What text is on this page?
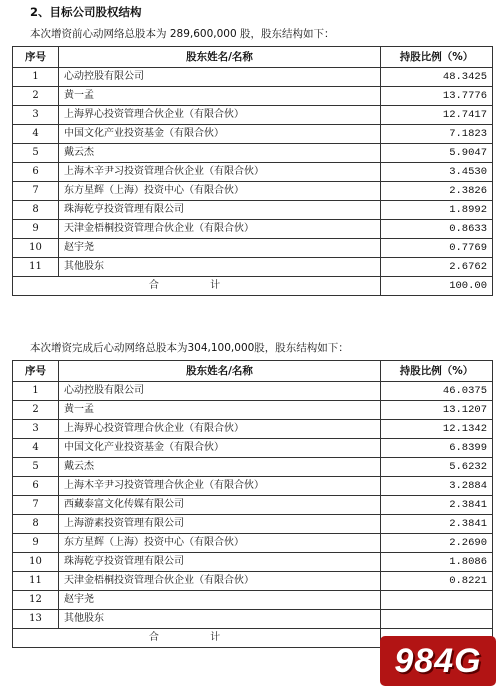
2、目标公司股权结构
本次增资前心动网络总股本为 289,600,000 股，股东结构如下：
序号	股东姓名/名称	持股比例（%）
1	心动控股有限公司	48.3425
2	黄一孟	13.7776
3	上海界心投资管理合伙企业（有限合伙）	12.7417
4	中国文化产业投资基金（有限合伙）	7.1823
5	戴云杰	5.9047
6	上海木辛尹习投资管理合伙企业（有限合伙）	3.4530
7	东方星辉（上海）投资中心（有限合伙）	2.3826
8	珠海乾亨投资管理有限公司	1.8992
9	天津金梧桐投资管理合伙企业（有限合伙）	0.8633
10	赵宇尧	0.7769
11	其他股东	2.6762
合 计		100.00
本次增资完成后心动网络总股本为304,100,000股，股东结构如下：
序号	股东姓名/名称	持股比例（%）
1	心动控股有限公司	46.0375
2	黄一孟	13.1207
3	上海界心投资管理合伙企业（有限合伙）	12.1342
4	中国文化产业投资基金（有限合伙）	6.8399
5	戴云杰	5.6232
6	上海木辛尹习投资管理合伙企业（有限合伙）	3.2884
7	西藏泰富文化传媒有限公司	2.3841
8	上海游素投资管理有限公司	2.3841
9	东方星辉（上海）投资中心（有限合伙）	2.2690
10	珠海乾亨投资管理有限公司	1.8086
11	天津金梧桐投资管理合伙企业（有限合伙）	0.8221
12	赵宇尧	
13	其他股东	
合 计		
984G
